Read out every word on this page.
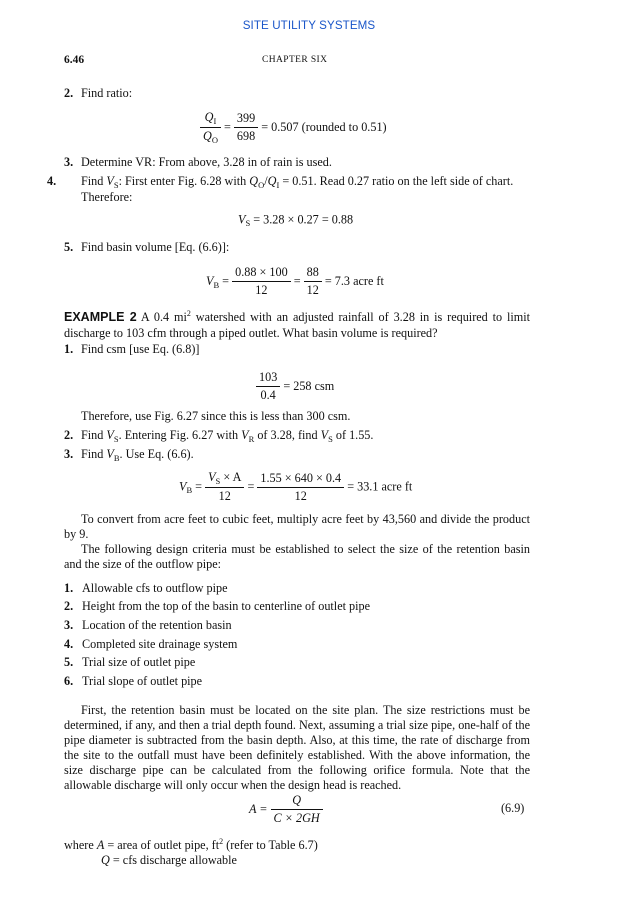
SITE UTILITY SYSTEMS
6.46	CHAPTER SIX
2. Find ratio:
$\frac{Q_I}{Q_O} = \frac{399}{698} = 0.507$ (rounded to 0.51)
3. Determine VR: From above, 3.28 in of rain is used.
4. Find $V_S$: First enter Fig. 6.28 with $Q_O/Q_I = 0.51$. Read 0.27 ratio on the left side of chart. Therefore:
$V_S = 3.28 \times 0.27 = 0.88$
5. Find basin volume [Eq. (6.6)]:
$V_B = \frac{0.88 \times 100}{12} = \frac{88}{12} = 7.3$ acre ft
EXAMPLE 2 A 0.4 $mi^2$ watershed with an adjusted rainfall of 3.28 in is required to limit discharge to 103 cfm through a piped outlet. What basin volume is required?
1. Find csm [use Eq. (6.8)]
$\frac{103}{0.4} = 258$ csm
Therefore, use Fig. 6.27 since this is less than 300 csm.
2. Find $V_S$. Entering Fig. 6.27 with $V_R$ of 3.28, find $V_S$ of 1.55.
3. Find $V_B$. Use Eq. (6.6).
$V_B = \frac{V_S \times A}{12} = \frac{1.55 \times 640 \times 0.4}{12} = 33.1$ acre ft
To convert from acre feet to cubic feet, multiply acre feet by 43,560 and divide the product by 9.
The following design criteria must be established to select the size of the retention basin and the size of the outflow pipe:
1. Allowable cfs to outflow pipe
2. Height from the top of the basin to centerline of outlet pipe
3. Location of the retention basin
4. Completed site drainage system
5. Trial size of outlet pipe
6. Trial slope of outlet pipe
First, the retention basin must be located on the site plan. The size restrictions must be determined, if any, and then a trial depth found. Next, assuming a trial size pipe, one-half of the pipe diameter is subtracted from the basin depth. Also, at this time, the rate of discharge from the site to the outfall must have been definitely established. With the above information, the size discharge pipe can be calculated from the following orifice formula. Note that the allowable discharge will only occur when the design head is reached.
$A = \frac{Q}{C \times 2GH}$	(6.9)
where A = area of outlet pipe, $ft^2$ (refer to Table 6.7)
Q = cfs discharge allowable
